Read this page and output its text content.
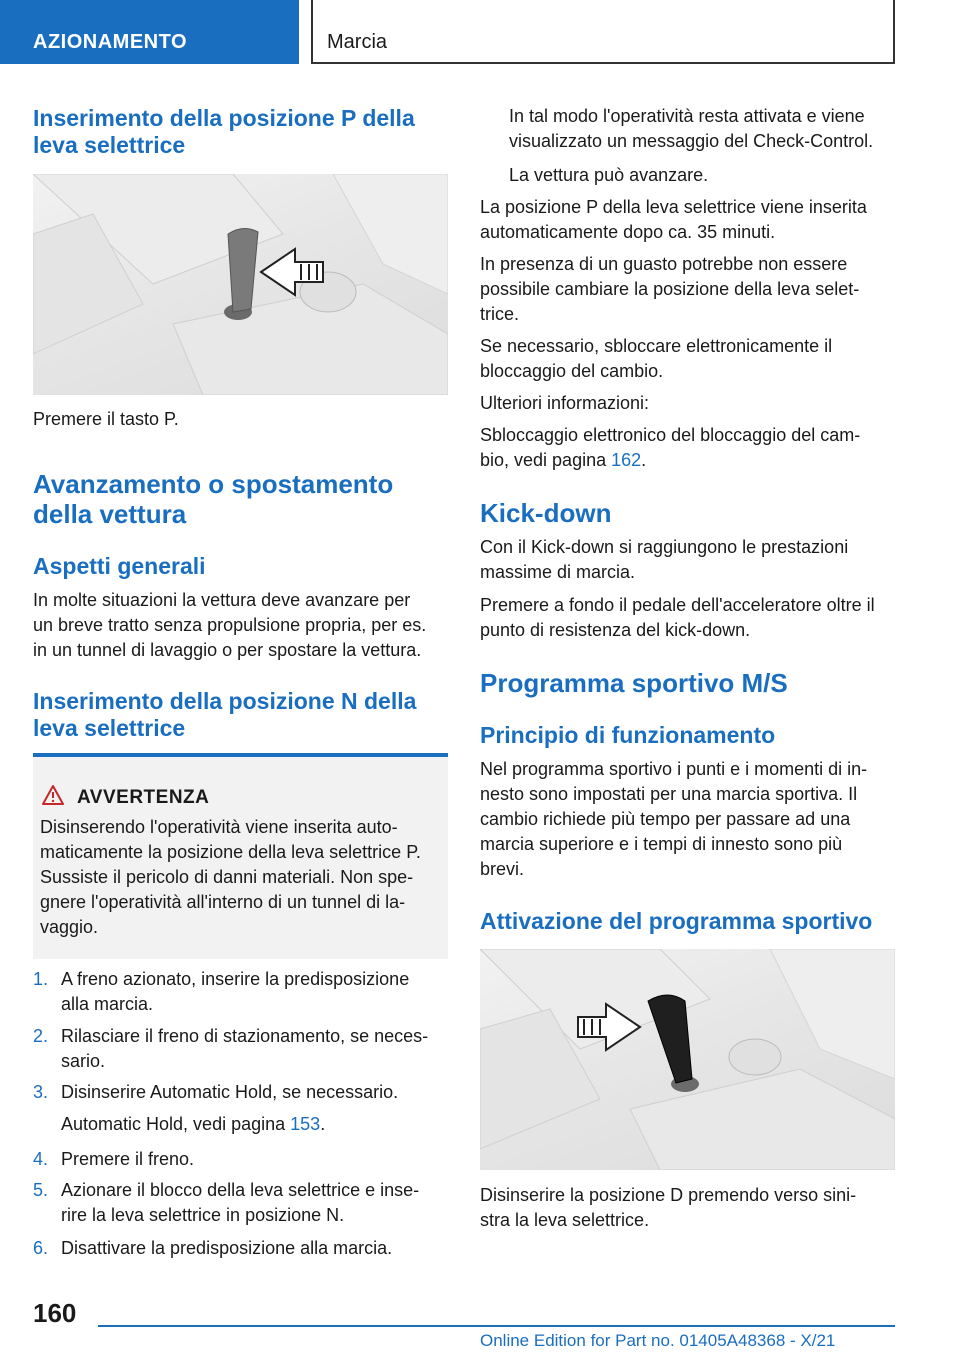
AZIONAMENTO	Marcia
Inserimento della posizione P della
leva selettrice
Premere il tasto P.
Avanzamento o spostamento
della vettura
Aspetti generali
In molte situazioni la vettura deve avanzare per
un breve tratto senza propulsione propria, per es.
in un tunnel di lavaggio o per spostare la vettura.
Inserimento della posizione N della
leva selettrice
AVVERTENZA
Disinserendo l'operatività viene inserita auto-
maticamente la posizione della leva selettrice P.
Sussiste il pericolo di danni materiali. Non spe-
gnere l'operatività all'interno di un tunnel di la-
vaggio.
1. A freno azionato, inserire la predisposizione
alla marcia.
2. Rilasciare il freno di stazionamento, se neces-
sario.
3. Disinserire Automatic Hold, se necessario.
Automatic Hold, vedi pagina 153.
4. Premere il freno.
5. Azionare il blocco della leva selettrice e inse-
rire la leva selettrice in posizione N.
6. Disattivare la predisposizione alla marcia.
In tal modo l'operatività resta attivata e viene
visualizzato un messaggio del Check-Control.
La vettura può avanzare.
La posizione P della leva selettrice viene inserita
automaticamente dopo ca. 35 minuti.
In presenza di un guasto potrebbe non essere
possibile cambiare la posizione della leva selet-
trice.
Se necessario, sbloccare elettronicamente il
bloccaggio del cambio.
Ulteriori informazioni:
Sbloccaggio elettronico del bloccaggio del cam-
bio, vedi pagina 162.
Kick-down
Con il Kick-down si raggiungono le prestazioni
massime di marcia.
Premere a fondo il pedale dell'acceleratore oltre il
punto di resistenza del kick-down.
Programma sportivo M/S
Principio di funzionamento
Nel programma sportivo i punti e i momenti di in-
nesto sono impostati per una marcia sportiva. Il
cambio richiede più tempo per passare ad una
marcia superiore e i tempi di innesto sono più
brevi.
Attivazione del programma sportivo
Disinserire la posizione D premendo verso sini-
stra la leva selettrice.
160
Online Edition for Part no. 01405A48368 - X/21
